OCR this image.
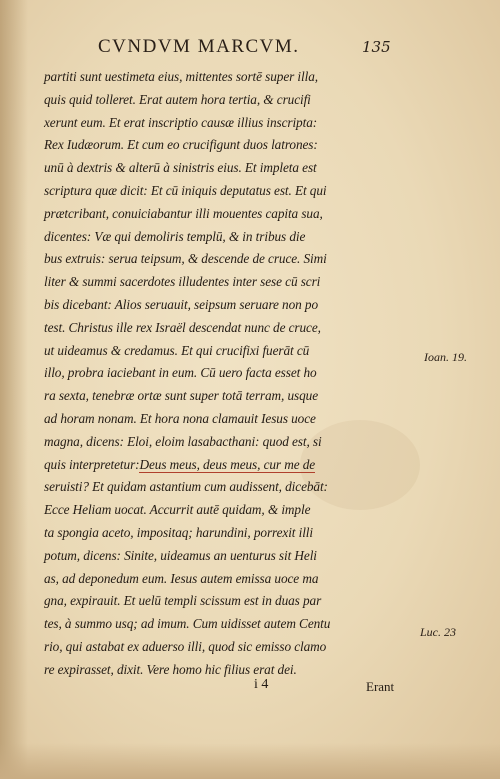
CVNDVM MARCVM.	135
partiti sunt uestimeta eius, mittentes sortē super illa,
quis quid tolleret. Erat autem hora tertia, & crucifi
xerunt eum. Et erat inscriptio causæ illius inscripta:
Rex Iudæorum. Et cum eo crucifigunt duos latrones:
unū à dextris & alterū à sinistris eius. Et impleta est
scriptura quæ dicit: Et cū iniquis deputatus est. Et qui
prætcribant, conuiciabantur illi mouentes capita sua,
dicentes: Væ qui demoliris templū, & in tribus die
bus extruis: serua teipsum, & descende de cruce. Simi
liter & summi sacerdotes illudentes inter sese cū scri
bis dicebant: Alios seruauit, seipsum seruare non po
test. Christus ille rex Israël descendat nunc de cruce,
ut uideamus & credamus. Et qui crucifixi fuerāt cū
illo, probra iaciebant in eum. Cū uero facta esset ho
ra sexta, tenebræ ortæ sunt super totā terram, usque
ad horam nonam. Et hora nona clamauit Iesus uoce
magna, dicens: Eloi, eloim lasabacthani: quod est, si
quis interpretetur:Deus meus, deus meus, cur me de
seruisti? Et quidam astantium cum audissent, dicebāt:
Ecce Heliam uocat. Accurrit autē quidam, & imple
ta spongia aceto, impositaq; harundini, porrexit illi
potum, dicens: Sinite, uideamus an uenturus sit Heli
as, ad deponedum eum. Iesus autem emissa uoce ma
gna, expirauit. Et uelū templi scissum est in duas par
tes, à summo usq; ad imum. Cum uidisset autem Centu
rio, qui astabat ex aduerso illi, quod sic emisso clamo
re expirasset, dixit. Vere homo hic filius erat dei.
Ioan. 19.
Luc. 23
i 4	Erant
